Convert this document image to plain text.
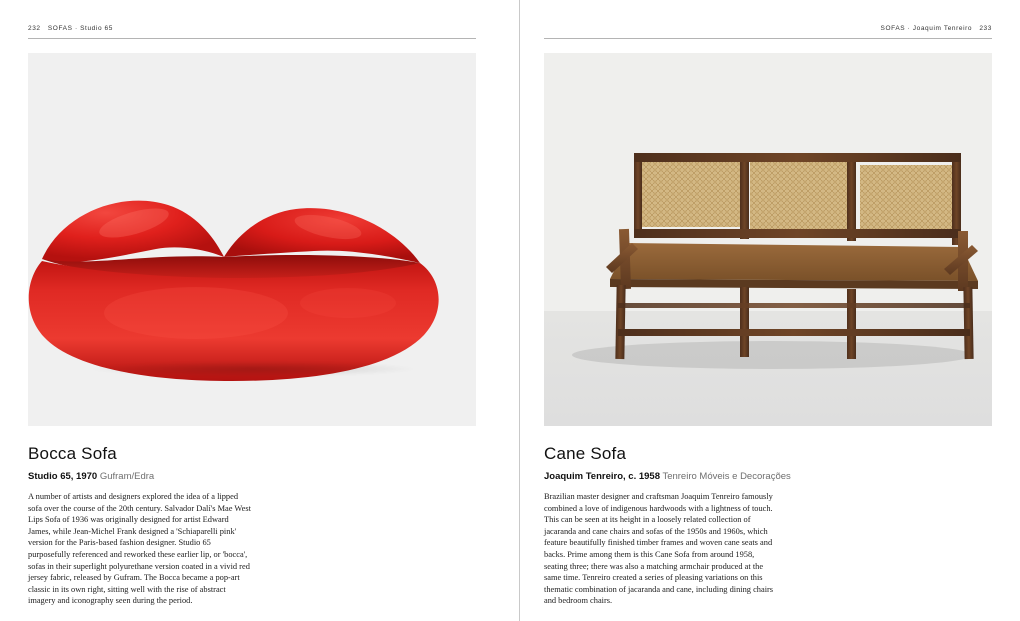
232 SOFAS · Studio 65
Bocca Sofa

Studio 65, 1970 Gufram/Edra

A number of artists and designers explored the idea of a lipped sofa over the course of the 20th century. Salvador Dalí's Mae West Lips Sofa of 1936 was originally designed for artist Edward James, while Jean-Michel Frank designed a 'Schiaparelli pink' version for the Paris-based fashion designer. Studio 65 purposefully referenced and reworked these earlier lip, or 'bocca', sofas in their superlight polyurethane version coated in a vivid red jersey fabric, released by Gufram. The Bocca became a pop-art classic in its own right, sitting well with the rise of abstract imagery and iconography seen during the period.

SOFAS · Joaquim Tenreiro 233
Cane Sofa

Joaquim Tenreiro, c. 1958 Tenreiro Móveis e Decorações

Brazilian master designer and craftsman Joaquim Tenreiro famously combined a love of indigenous hardwoods with a lightness of touch. This can be seen at its height in a loosely related collection of jacaranda and cane chairs and sofas of the 1950s and 1960s, which feature beautifully finished timber frames and woven cane seats and backs. Prime among them is this Cane Sofa from around 1958, seating three; there was also a matching armchair produced at the same time. Tenreiro created a series of pleasing variations on this thematic combination of jacaranda and cane, including dining chairs and bedroom chairs.
